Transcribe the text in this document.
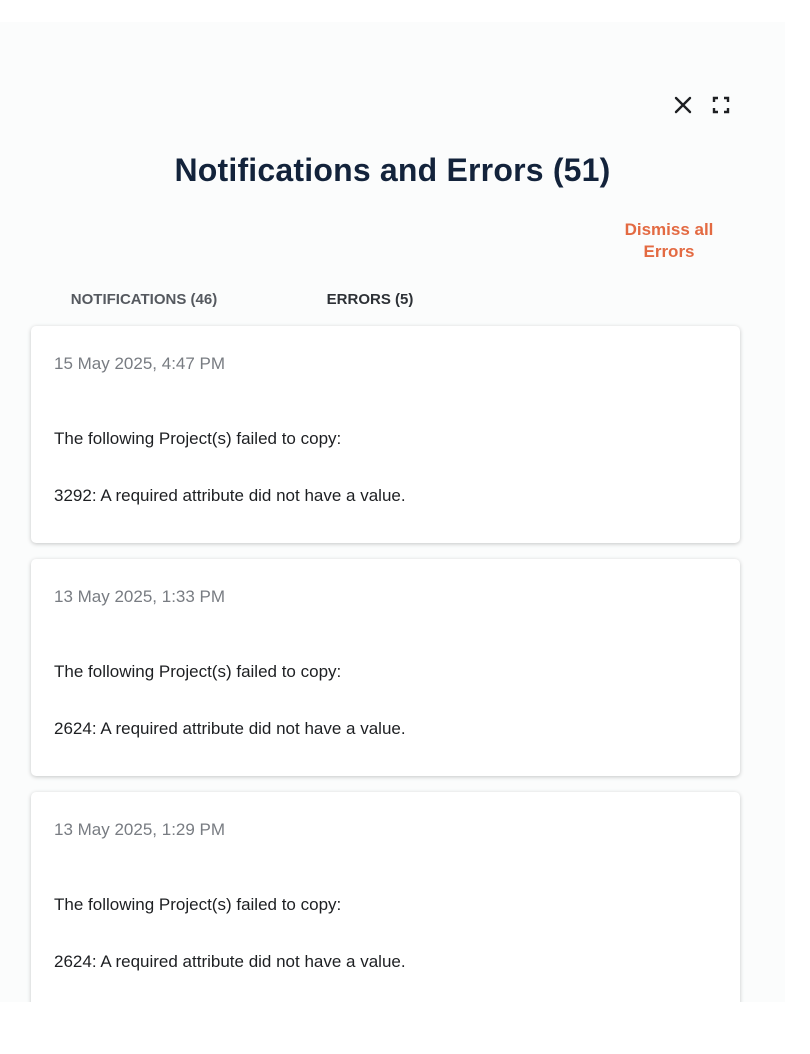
Notifications and Errors (51)
Dismiss all Errors
NOTIFICATIONS (46)	ERRORS (5)
15 May 2025, 4:47 PM
The following Project(s) failed to copy:
3292: A required attribute did not have a value.
13 May 2025, 1:33 PM
The following Project(s) failed to copy:
2624: A required attribute did not have a value.
13 May 2025, 1:29 PM
The following Project(s) failed to copy:
2624: A required attribute did not have a value.
